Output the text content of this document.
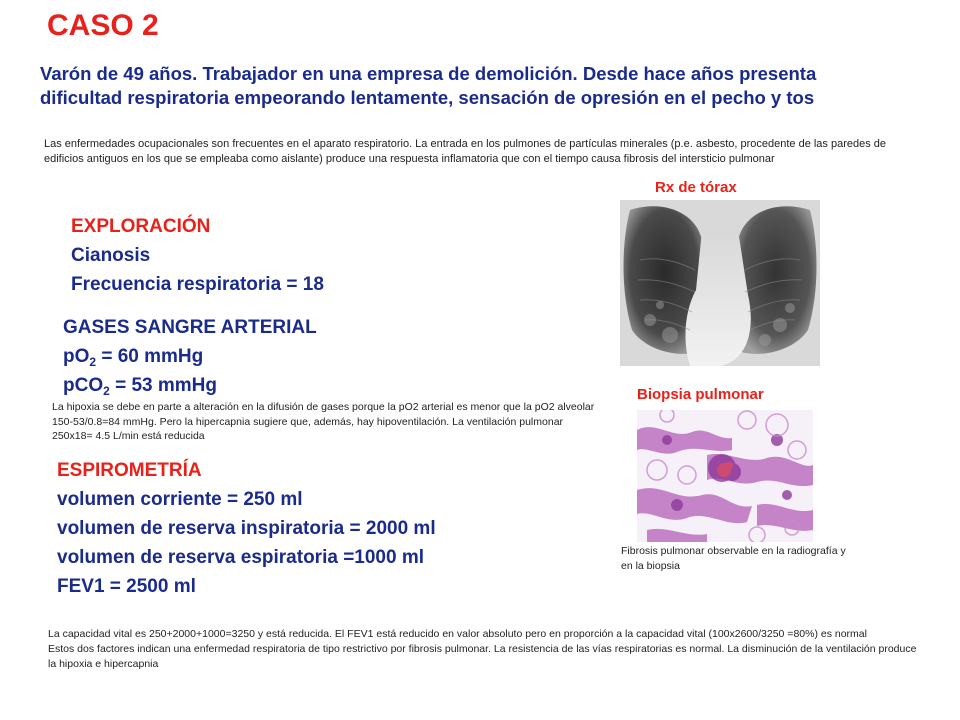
CASO 2
Varón de 49 años. Trabajador en una empresa de demolición. Desde hace años presenta dificultad respiratoria empeorando lentamente, sensación de opresión en el pecho y tos
Las enfermedades ocupacionales son frecuentes en el aparato respiratorio. La entrada en los pulmones de partículas minerales (p.e. asbesto, procedente de las paredes de edificios antiguos en los que se empleaba como aislante) produce una respuesta inflamatoria que con el tiempo causa fibrosis del intersticio pulmonar
Rx de tórax
EXPLORACIÓN
Cianosis
Frecuencia respiratoria = 18
GASES SANGRE ARTERIAL
$pO_2 = 60$ mmHg
pCO$_2$ = 53 mmHg	Biopsia pulmonar
La hipoxia se debe en parte a alteración en la difusión de gases porque la pO2 arterial es menor que la pO2 alveolar 150-53/0.8=84 mmHg. Pero la hipercapnia sugiere que, además, hay hipoventilación. La ventilación pulmonar 250x18= 4.5 L/min está reducida
ESPIROMETRÍA
volumen corriente = 250 ml
volumen de reserva inspiratoria = 2000 ml
volumen de reserva espiratoria =1000 ml
FEV1 = 2500 ml
Fibrosis pulmonar observable en la radiografía y en la biopsia
La capacidad vital es 250+2000+1000=3250 y está reducida. El FEV1 está reducido en valor absoluto pero en proporción a la capacidad vital (100x2600/3250 =80%) es normal
Estos dos factores indican una enfermedad respiratoria de tipo restrictivo por fibrosis pulmonar. La resistencia de las vías respiratorias es normal. La disminución de la ventilación produce la hipoxia e hipercapnia
